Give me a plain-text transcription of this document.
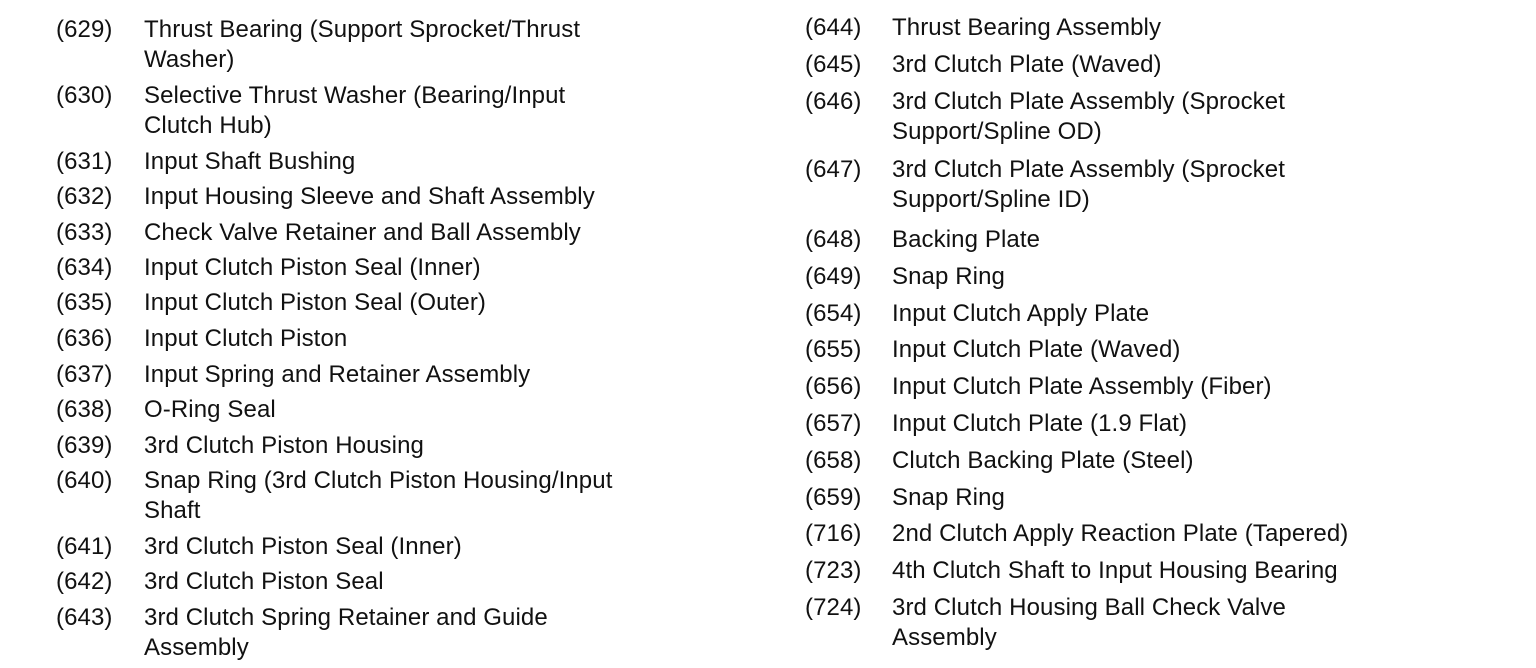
(629) Thrust Bearing (Support Sprocket/Thrust
Washer)
(630) Selective Thrust Washer (Bearing/Input
Clutch Hub)
(631) Input Shaft Bushing
(632) Input Housing Sleeve and Shaft Assembly
(633) Check Valve Retainer and Ball Assembly
(634) Input Clutch Piston Seal (Inner)
(635) Input Clutch Piston Seal (Outer)
(636) Input Clutch Piston
(637) Input Spring and Retainer Assembly
(638) O-Ring Seal
(639) 3rd Clutch Piston Housing
(640) Snap Ring (3rd Clutch Piston Housing/Input
Shaft
(641) 3rd Clutch Piston Seal (Inner)
(642) 3rd Clutch Piston Seal
(643) 3rd Clutch Spring Retainer and Guide
Assembly
(644) Thrust Bearing Assembly
(645) 3rd Clutch Plate (Waved)
(646) 3rd Clutch Plate Assembly (Sprocket
Support/Spline OD)
(647) 3rd Clutch Plate Assembly (Sprocket
Support/Spline ID)
(648) Backing Plate
(649) Snap Ring
(654) Input Clutch Apply Plate
(655) Input Clutch Plate (Waved)
(656) Input Clutch Plate Assembly (Fiber)
(657) Input Clutch Plate (1.9 Flat)
(658) Clutch Backing Plate (Steel)
(659) Snap Ring
(716) 2nd Clutch Apply Reaction Plate (Tapered)
(723) 4th Clutch Shaft to Input Housing Bearing
(724) 3rd Clutch Housing Ball Check Valve
Assembly
